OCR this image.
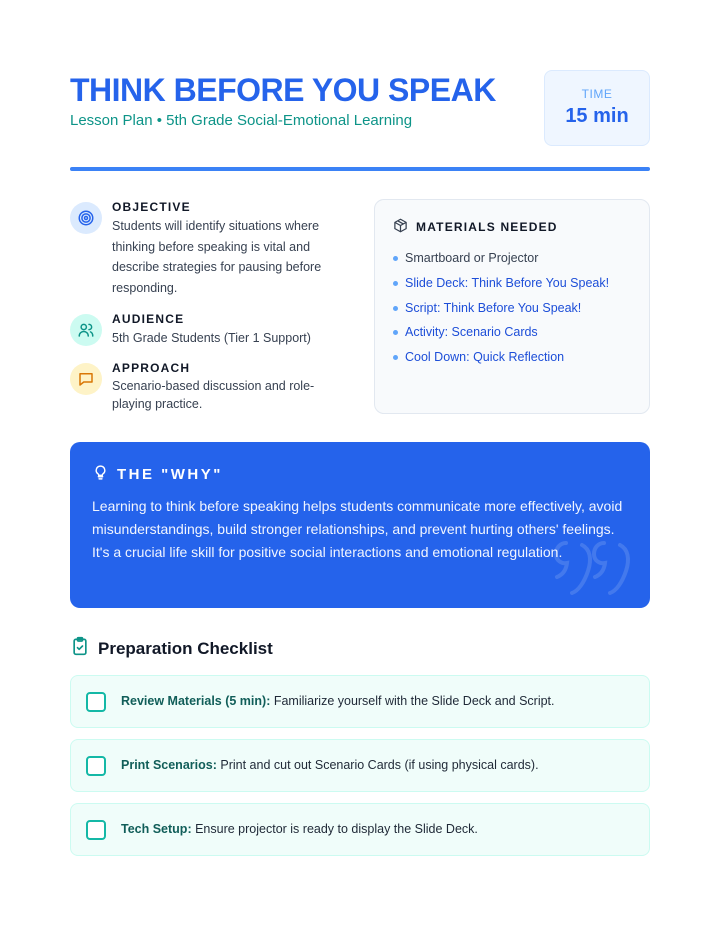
THINK BEFORE YOU SPEAK
Lesson Plan • 5th Grade Social-Emotional Learning
TIME
15 min
OBJECTIVE
Students will identify situations where thinking before speaking is vital and describe strategies for pausing before responding.
AUDIENCE
5th Grade Students (Tier 1 Support)
APPROACH
Scenario-based discussion and role-playing practice.
MATERIALS NEEDED
Smartboard or Projector
Slide Deck: Think Before You Speak!
Script: Think Before You Speak!
Activity: Scenario Cards
Cool Down: Quick Reflection
THE "WHY"

Learning to think before speaking helps students communicate more effectively, avoid misunderstandings, build stronger relationships, and prevent hurting others' feelings. It's a crucial life skill for positive social interactions and emotional regulation.

Preparation Checklist
Review Materials (5 min): Familiarize yourself with the Slide Deck and Script.
Print Scenarios: Print and cut out Scenario Cards (if using physical cards).
Tech Setup: Ensure projector is ready to display the Slide Deck.
